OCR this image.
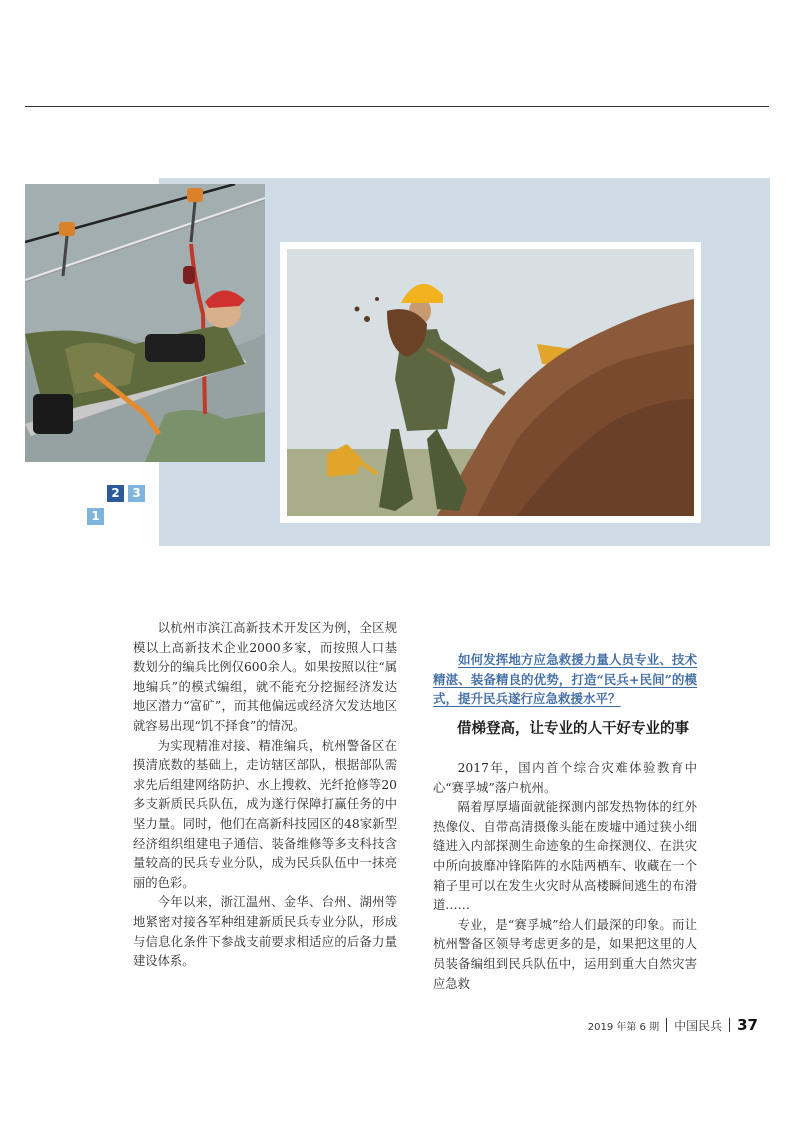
2	3
1

以杭州市滨江高新技术开发区为例，全区规模以上高新技术企业2000多家，而按照人口基数划分的编兵比例仅600余人。如果按照以往“属地编兵”的模式编组，就不能充分挖掘经济发达地区潜力“富矿”，而其他偏远或经济欠发达地区就容易出现“饥不择食”的情况。

为实现精准对接、精准编兵，杭州警备区在摸清底数的基础上，走访辖区部队，根据部队需求先后组建网络防护、水上搜救、光纤抢修等20多支新质民兵队伍，成为遂行保障打赢任务的中坚力量。同时，他们在高新科技园区的48家新型经济组织组建电子通信、装备维修等多支科技含量较高的民兵专业分队，成为民兵队伍中一抹亮丽的色彩。

今年以来，浙江温州、金华、台州、湖州等地紧密对接各军种组建新质民兵专业分队，形成与信息化条件下参战支前要求相适应的后备力量建设体系。

如何发挥地方应急救援力量人员专业、技术精湛、装备精良的优势，打造“民兵+民间”的模式，提升民兵遂行应急救援水平？
借梯登高，让专业的人干好专业的事

2017年，国内首个综合灾难体验教育中心“赛孚城”落户杭州。

隔着厚厚墙面就能探测内部发热物体的红外热像仪、自带高清摄像头能在废墟中通过狭小细缝进入内部探测生命迹象的生命探测仪、在洪灾中所向披靡冲锋陷阵的水陆两栖车、收藏在一个箱子里可以在发生火灾时从高楼瞬间逃生的布滑道……

专业，是“赛孚城”给人们最深的印象。而让杭州警备区领导考虑更多的是，如果把这里的人员装备编组到民兵队伍中，运用到重大自然灾害应急救

2019 年第 6 期 中国民兵 37
